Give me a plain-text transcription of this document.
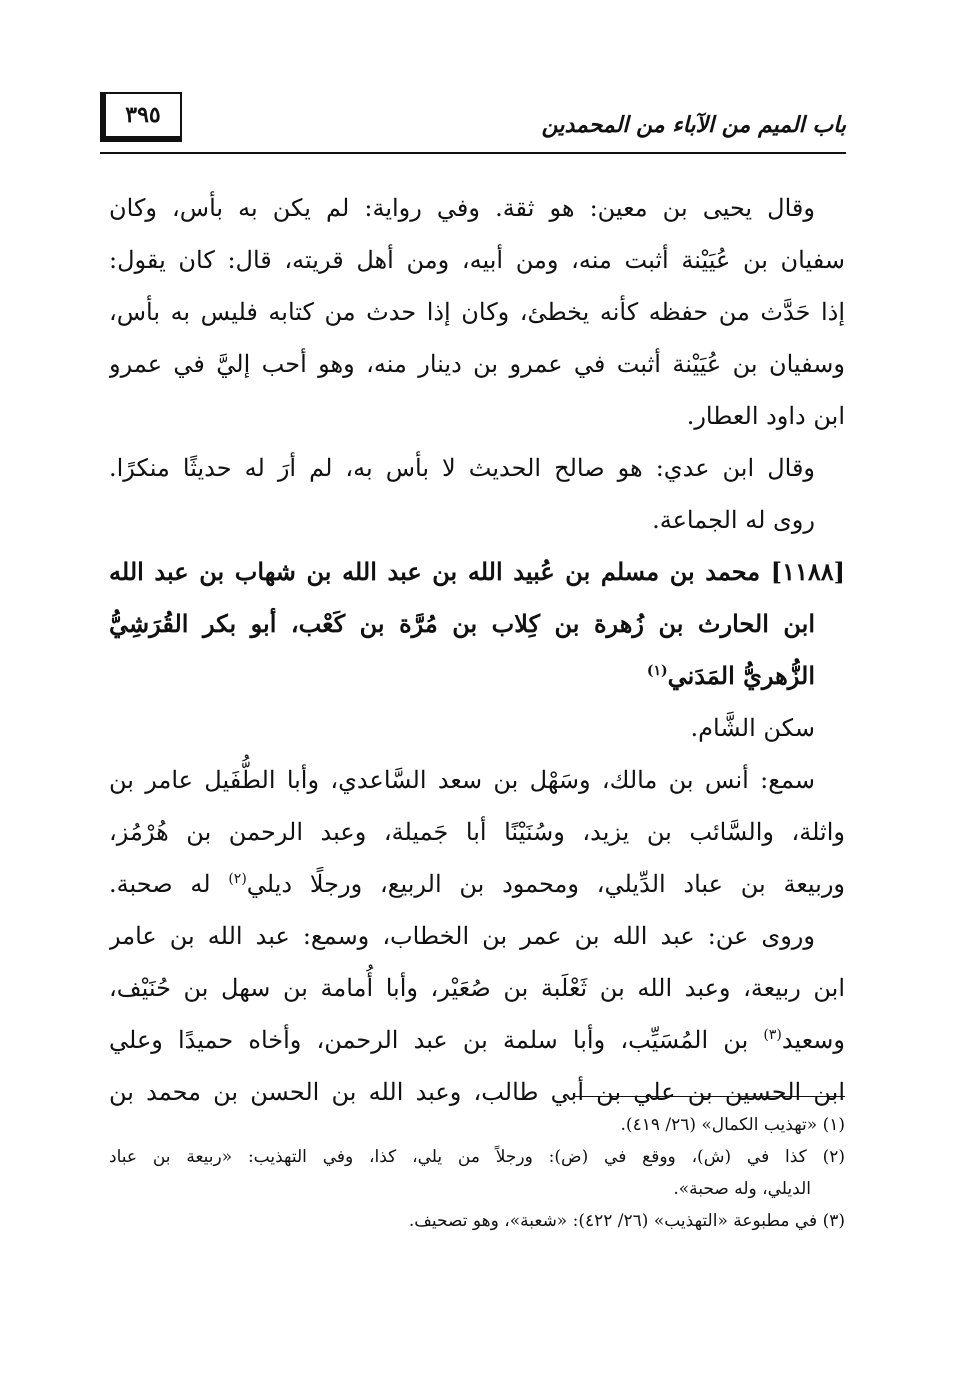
باب الميم من الآباء من المحمدين
٣٩٥
وقال يحيى بن معين: هو ثقة. وفي رواية: لم يكن به بأس، وكان
سفيان بن عُيَيْنة أثبت منه، ومن أبيه، ومن أهل قريته، قال: كان يقول:
إذا حَدَّث من حفظه كأنه يخطئ، وكان إذا حدث من كتابه فليس به بأس،
وسفيان بن عُيَيْنة أثبت في عمرو بن دينار منه، وهو أحب إليَّ في عمرو
ابن داود العطار.
وقال ابن عدي: هو صالح الحديث لا بأس به، لم أرَ له حديثًا منكرًا.
روى له الجماعة.
[١١٨٨] محمد بن مسلم بن عُبيد الله بن عبد الله بن شهاب بن عبد الله
ابن الحارث بن زُهرة بن كِلاب بن مُرَّة بن كَعْب، أبو بكر القُرَشِيُّ
الزُّهريُّ المَدَني$^{(١)}$
سكن الشَّام.
سمع: أنس بن مالك، وسَهْل بن سعد السَّاعدي، وأبا الطُّفَيل عامر بن
واثلة، والسَّائب بن يزيد، وسُنَيْنًا أبا جَميلة، وعبد الرحمن بن هُرْمُز،
وربيعة بن عباد الدِّيلي، ومحمود بن الربيع، ورجلًا ديلي$^{(٢)}$ له صحبة.
وروى عن: عبد الله بن عمر بن الخطاب، وسمع: عبد الله بن عامر
ابن ربيعة، وعبد الله بن ثَعْلَبة بن صُعَيْر، وأبا أُمامة بن سهل بن حُنَيْف،
وسعيد$^{(٣)}$ بن المُسَيِّب، وأبا سلمة بن عبد الرحمن، وأخاه حميدًا وعلي
ابن الحسين بن علي بن أبي طالب، وعبد الله بن الحسن بن محمد بن
(١) «تهذيب الكمال» (٢٦/ ٤١٩).
(٢) كذا في (ش)، ووقع في (ض): ورجلاً من يلي، كذا، وفي التهذيب: «ربيعة بن عباد
الديلي، وله صحبة».
(٣) في مطبوعة «التهذيب» (٢٦/ ٤٢٢): «شعبة»، وهو تصحيف.
